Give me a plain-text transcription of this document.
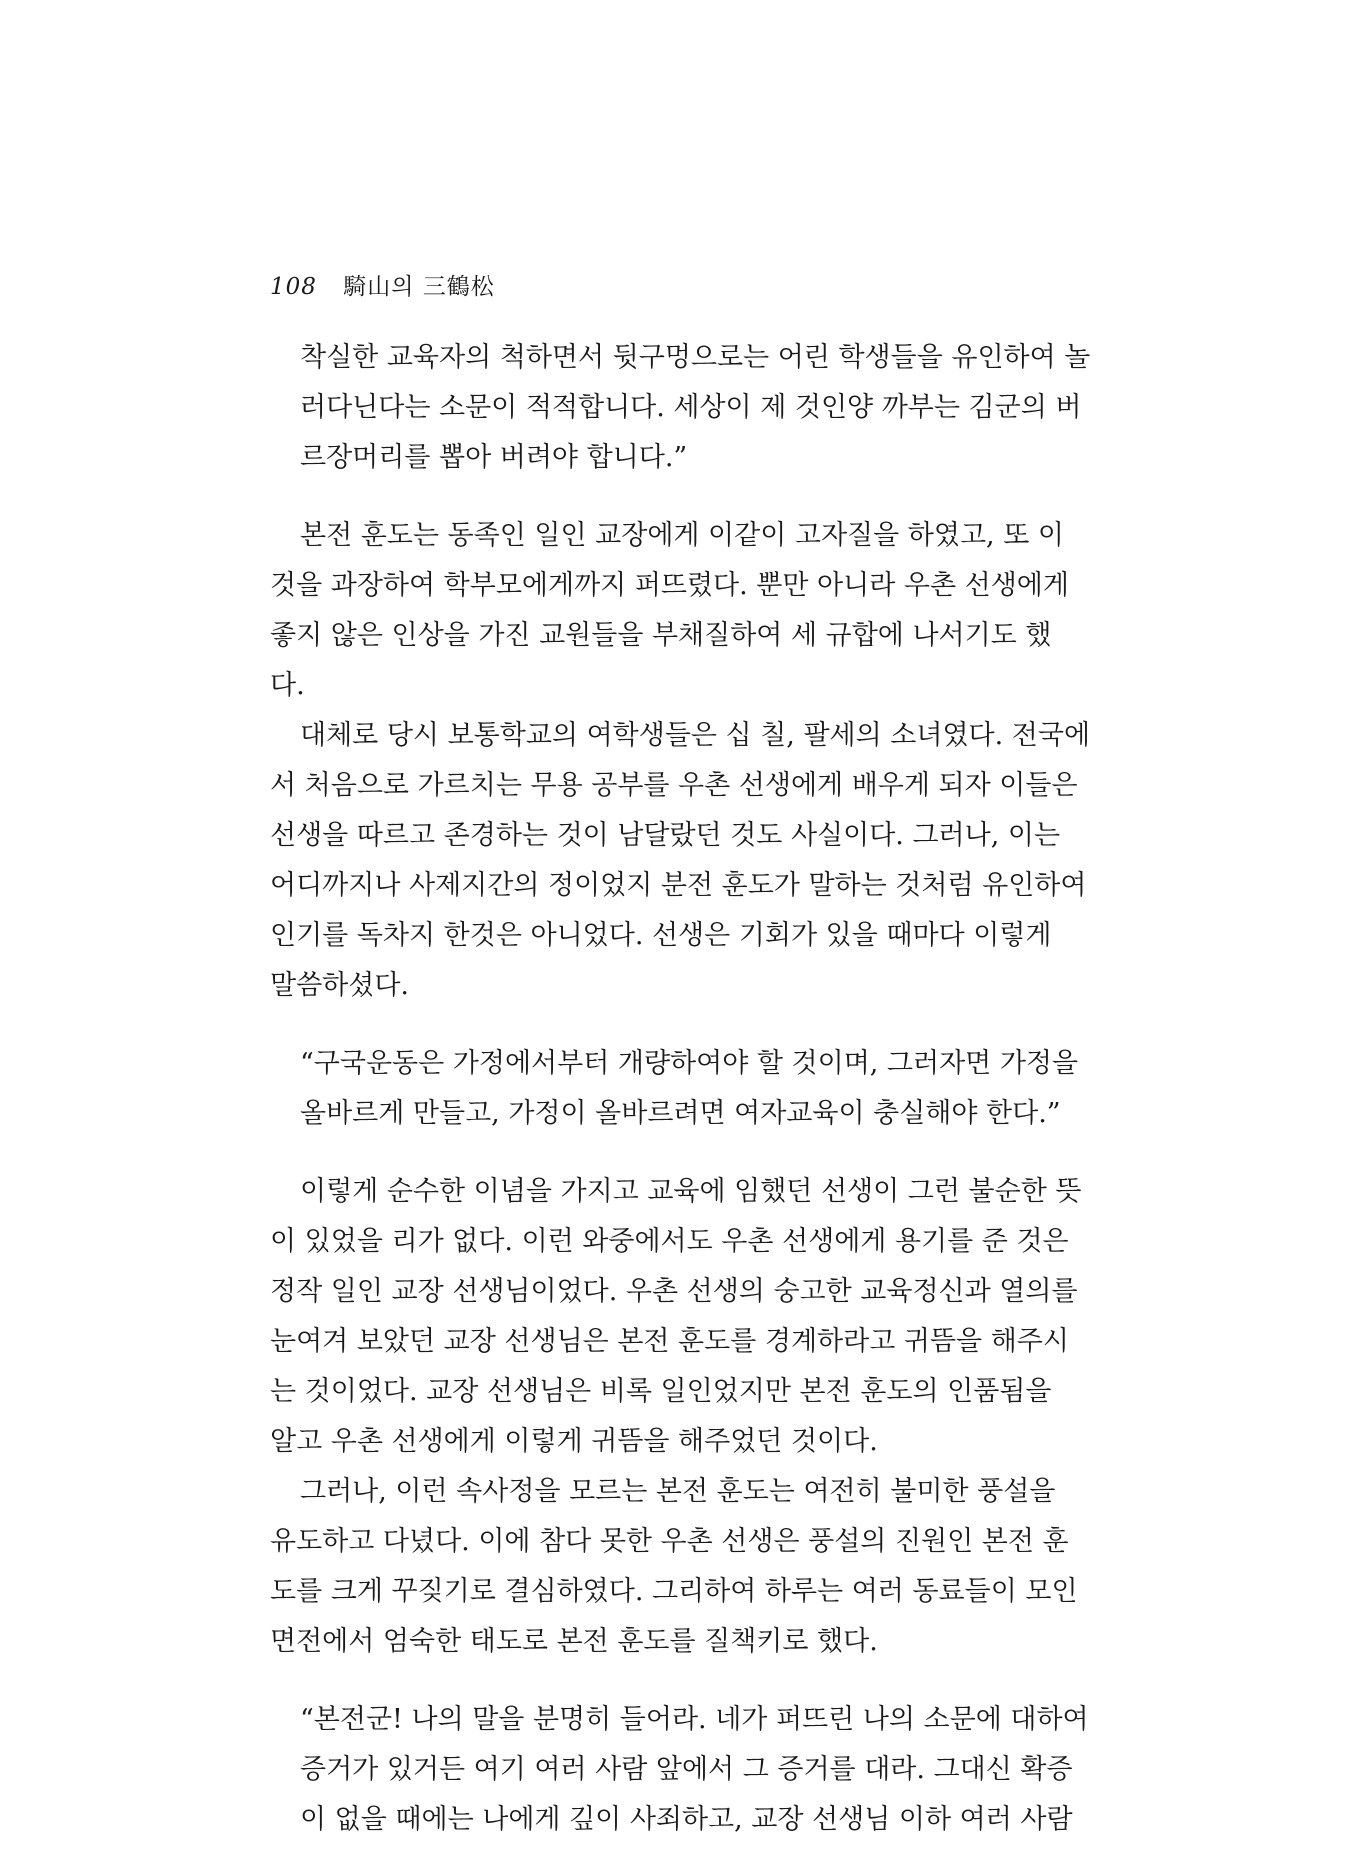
108 騎山의 三鶴松
착실한 교육자의 척하면서 뒷구멍으로는 어린 학생들을 유인하여 놀
러다닌다는 소문이 적적합니다. 세상이 제 것인양 까부는 김군의 버
르장머리를 뽑아 버려야 합니다.”
본전 훈도는 동족인 일인 교장에게 이같이 고자질을 하였고, 또 이
것을 과장하여 학부모에게까지 퍼뜨렸다. 뿐만 아니라 우촌 선생에게
좋지 않은 인상을 가진 교원들을 부채질하여 세 규합에 나서기도 했
다.
대체로 당시 보통학교의 여학생들은 십 칠, 팔세의 소녀였다. 전국에
서 처음으로 가르치는 무용 공부를 우촌 선생에게 배우게 되자 이들은
선생을 따르고 존경하는 것이 남달랐던 것도 사실이다. 그러나, 이는
어디까지나 사제지간의 정이었지 분전 훈도가 말하는 것처럼 유인하여
인기를 독차지 한것은 아니었다. 선생은 기회가 있을 때마다 이렇게
말씀하셨다.
“구국운동은 가정에서부터 개량하여야 할 것이며, 그러자면 가정을
올바르게 만들고, 가정이 올바르려면 여자교육이 충실해야 한다.”
이렇게 순수한 이념을 가지고 교육에 임했던 선생이 그런 불순한 뜻
이 있었을 리가 없다. 이런 와중에서도 우촌 선생에게 용기를 준 것은
정작 일인 교장 선생님이었다. 우촌 선생의 숭고한 교육정신과 열의를
눈여겨 보았던 교장 선생님은 본전 훈도를 경계하라고 귀뜸을 해주시
는 것이었다. 교장 선생님은 비록 일인었지만 본전 훈도의 인품됨을
알고 우촌 선생에게 이렇게 귀뜸을 해주었던 것이다.
그러나, 이런 속사정을 모르는 본전 훈도는 여전히 불미한 풍설을
유도하고 다녔다. 이에 참다 못한 우촌 선생은 풍설의 진원인 본전 훈
도를 크게 꾸짖기로 결심하였다. 그리하여 하루는 여러 동료들이 모인
면전에서 엄숙한 태도로 본전 훈도를 질책키로 했다.
“본전군! 나의 말을 분명히 들어라. 네가 퍼뜨린 나의 소문에 대하여
증거가 있거든 여기 여러 사람 앞에서 그 증거를 대라. 그대신 확증
이 없을 때에는 나에게 깊이 사죄하고, 교장 선생님 이하 여러 사람
